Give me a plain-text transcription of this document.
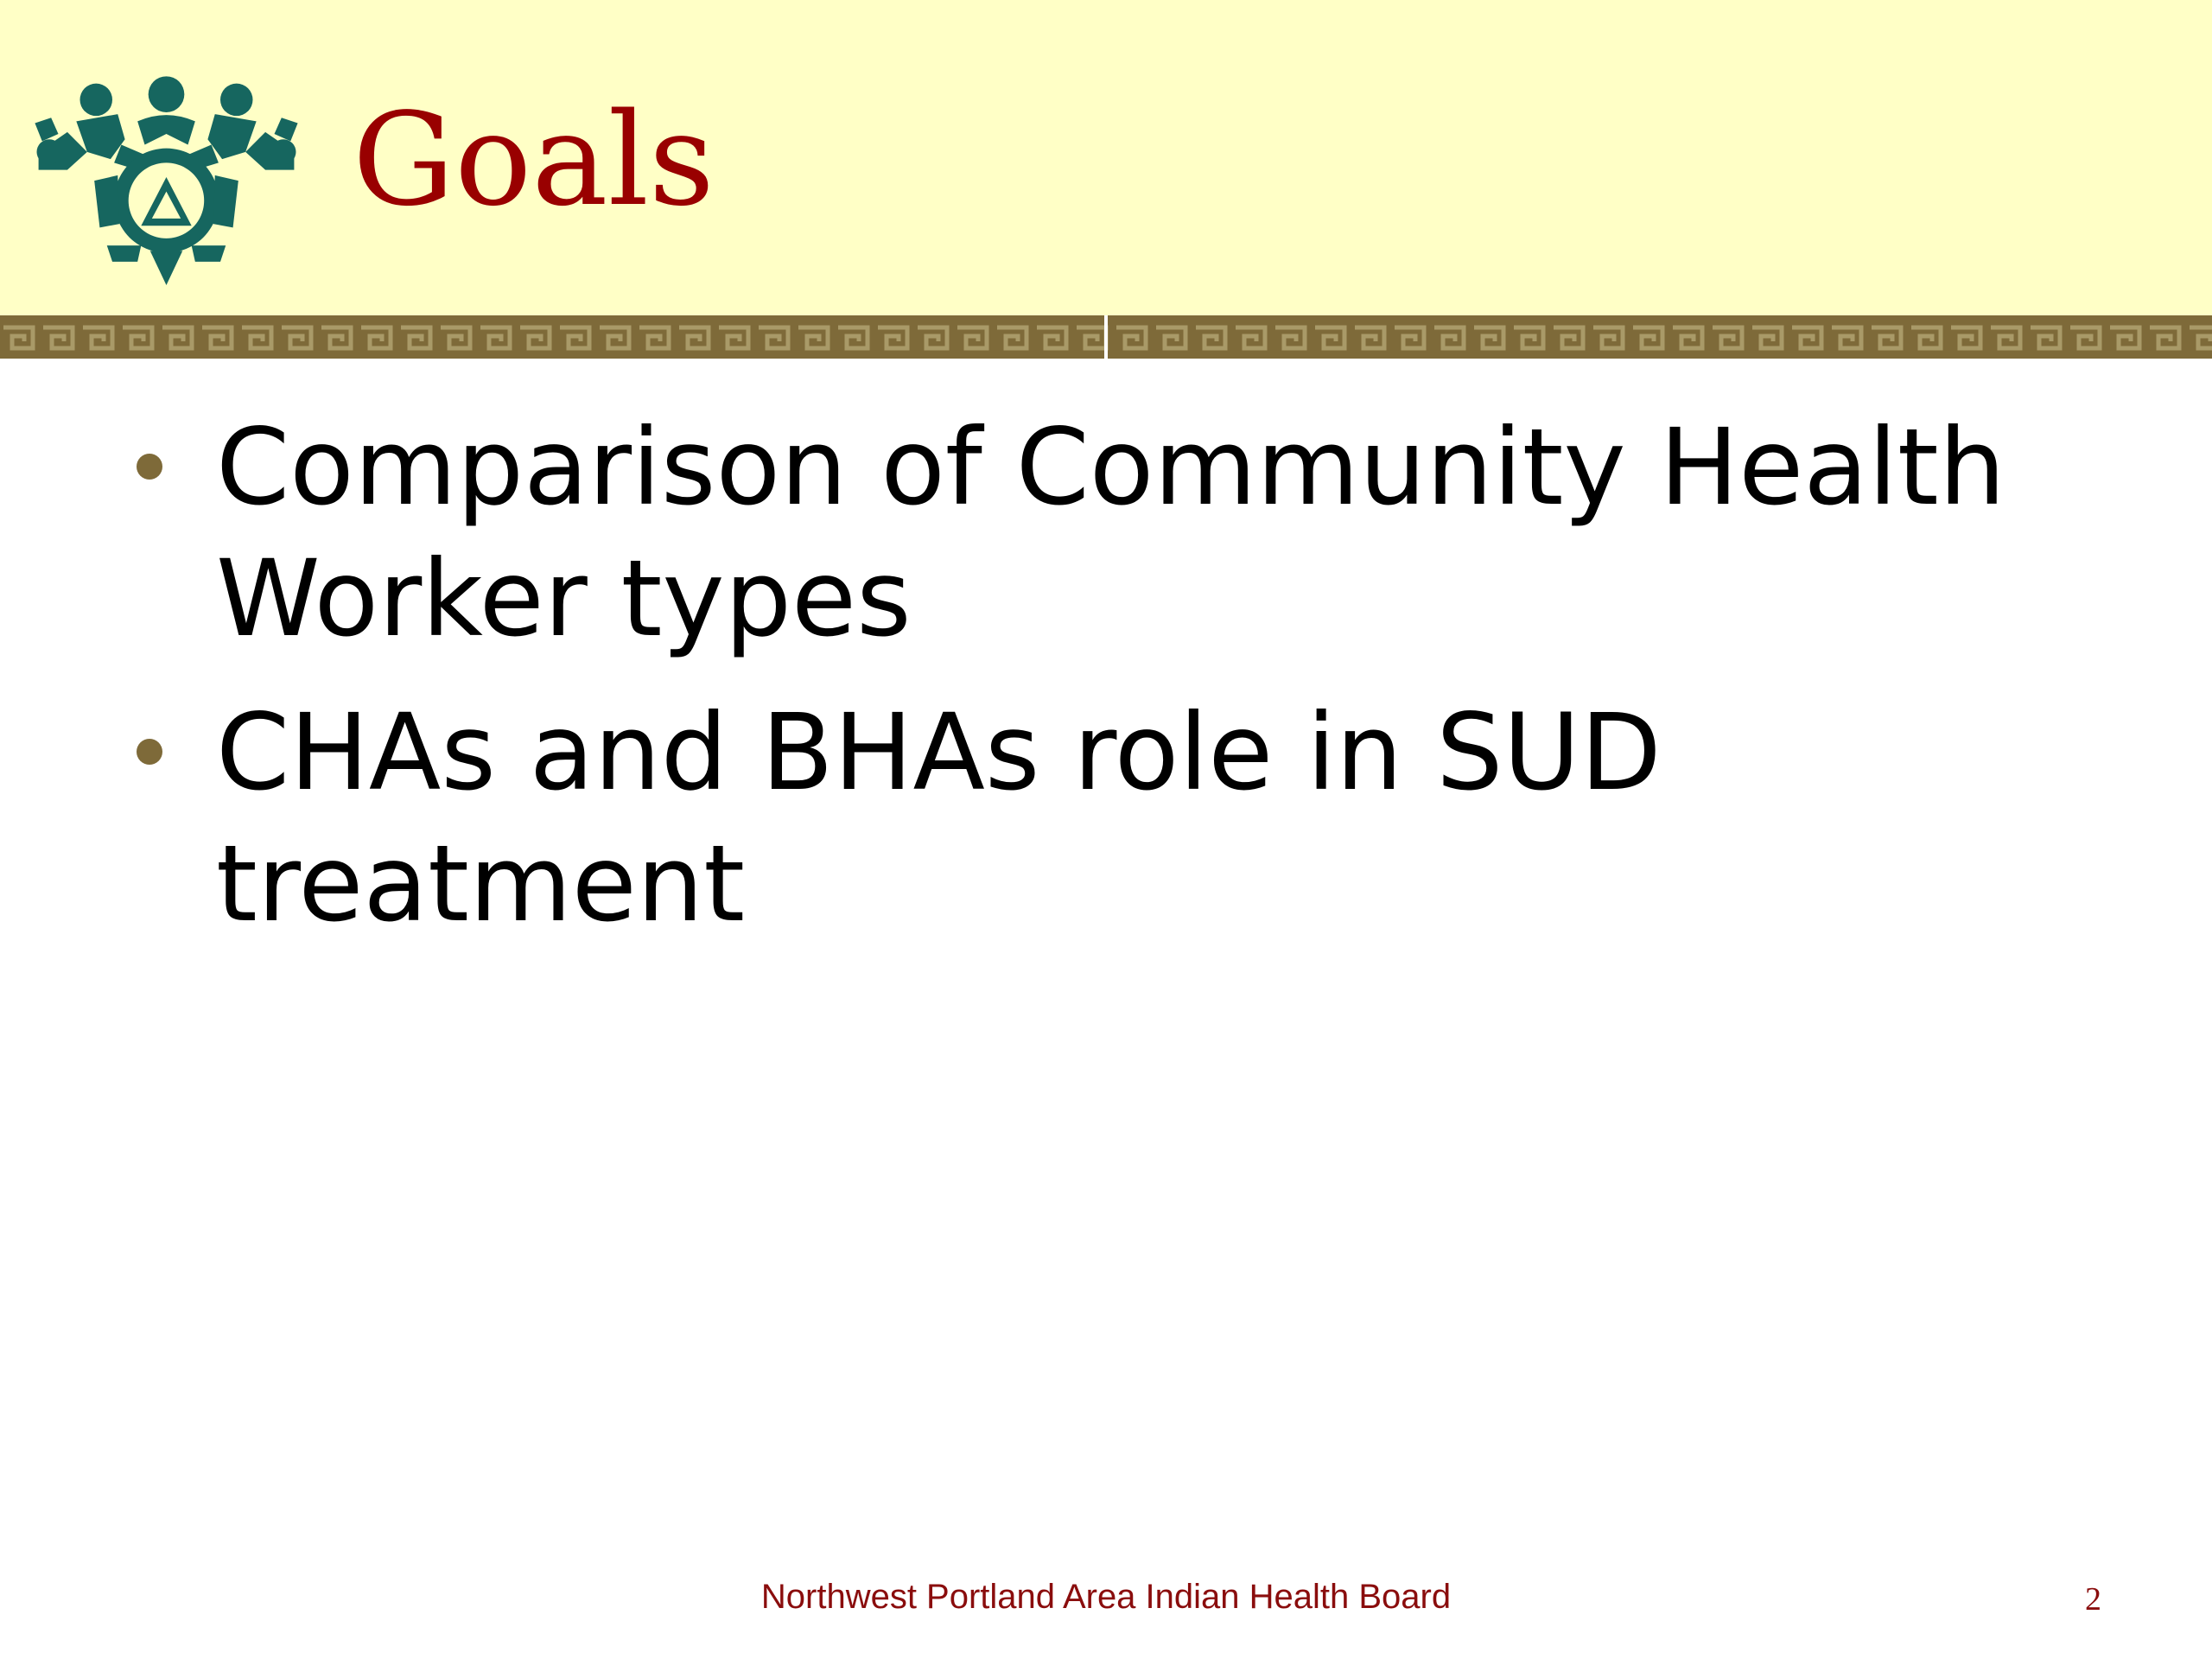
Goals
Comparison of Community Health Worker types
CHAs and BHAs role in SUD treatment
Northwest Portland Area Indian Health Board	2
